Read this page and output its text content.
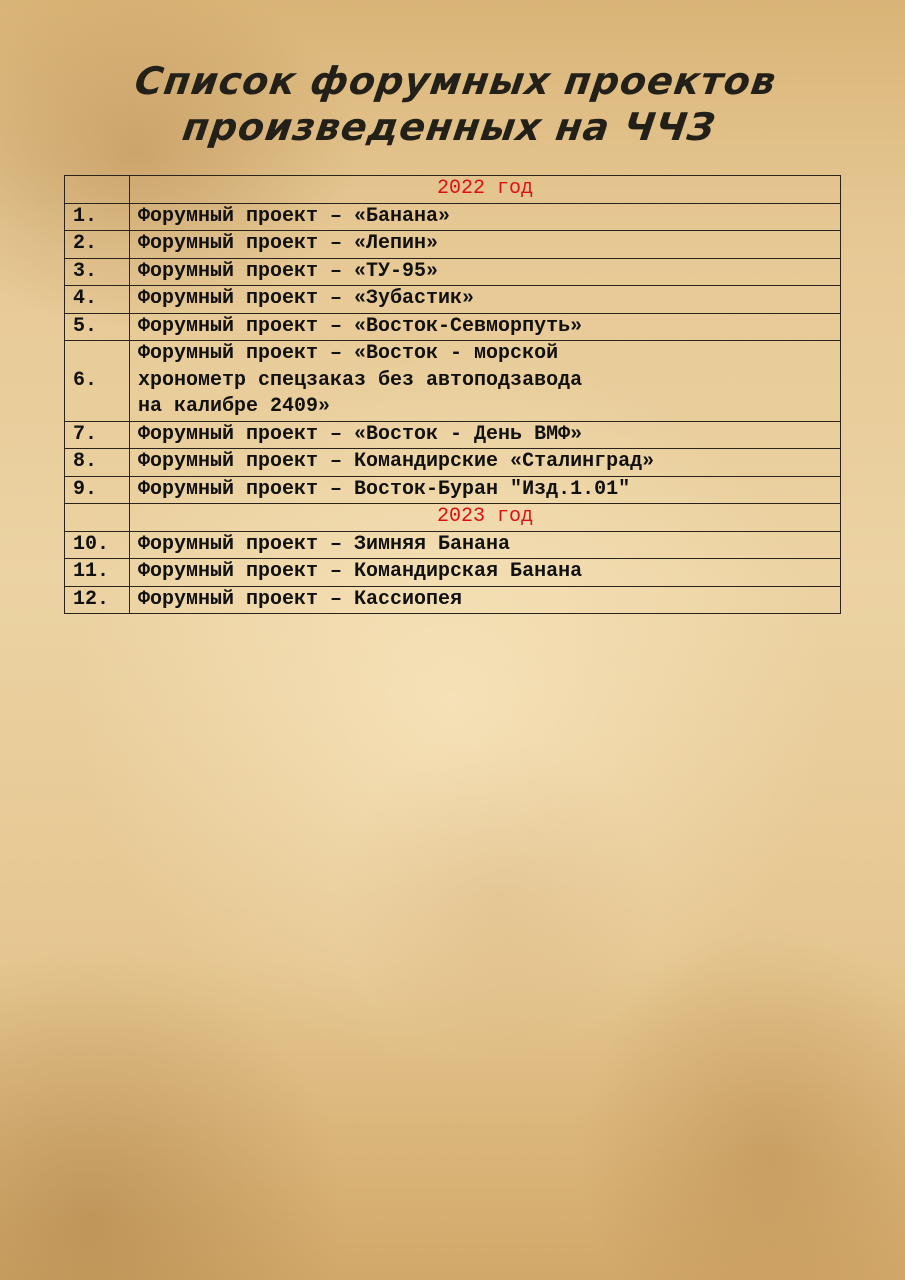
Список форумных проектов
произведенных на ЧЧЗ
	2022 год
1.	Форумный проект – «Банана»
2.	Форумный проект – «Лепин»
3.	Форумный проект – «ТУ-95»
4.	Форумный проект – «Зубастик»
5.	Форумный проект – «Восток-Севморпуть»
6.	Форумный проект – «Восток - морской
хронометр спецзаказ без автоподзавода
на калибре 2409»

7.	Форумный проект – «Восток - День ВМФ»
8.	Форумный проект – Командирские «Сталинград»
9.	Форумный проект – Восток-Буран "Изд.1.01"
	2023 год
10.	Форумный проект – Зимняя Банана
11.	Форумный проект – Командирская Банана
12.	Форумный проект – Кассиопея
